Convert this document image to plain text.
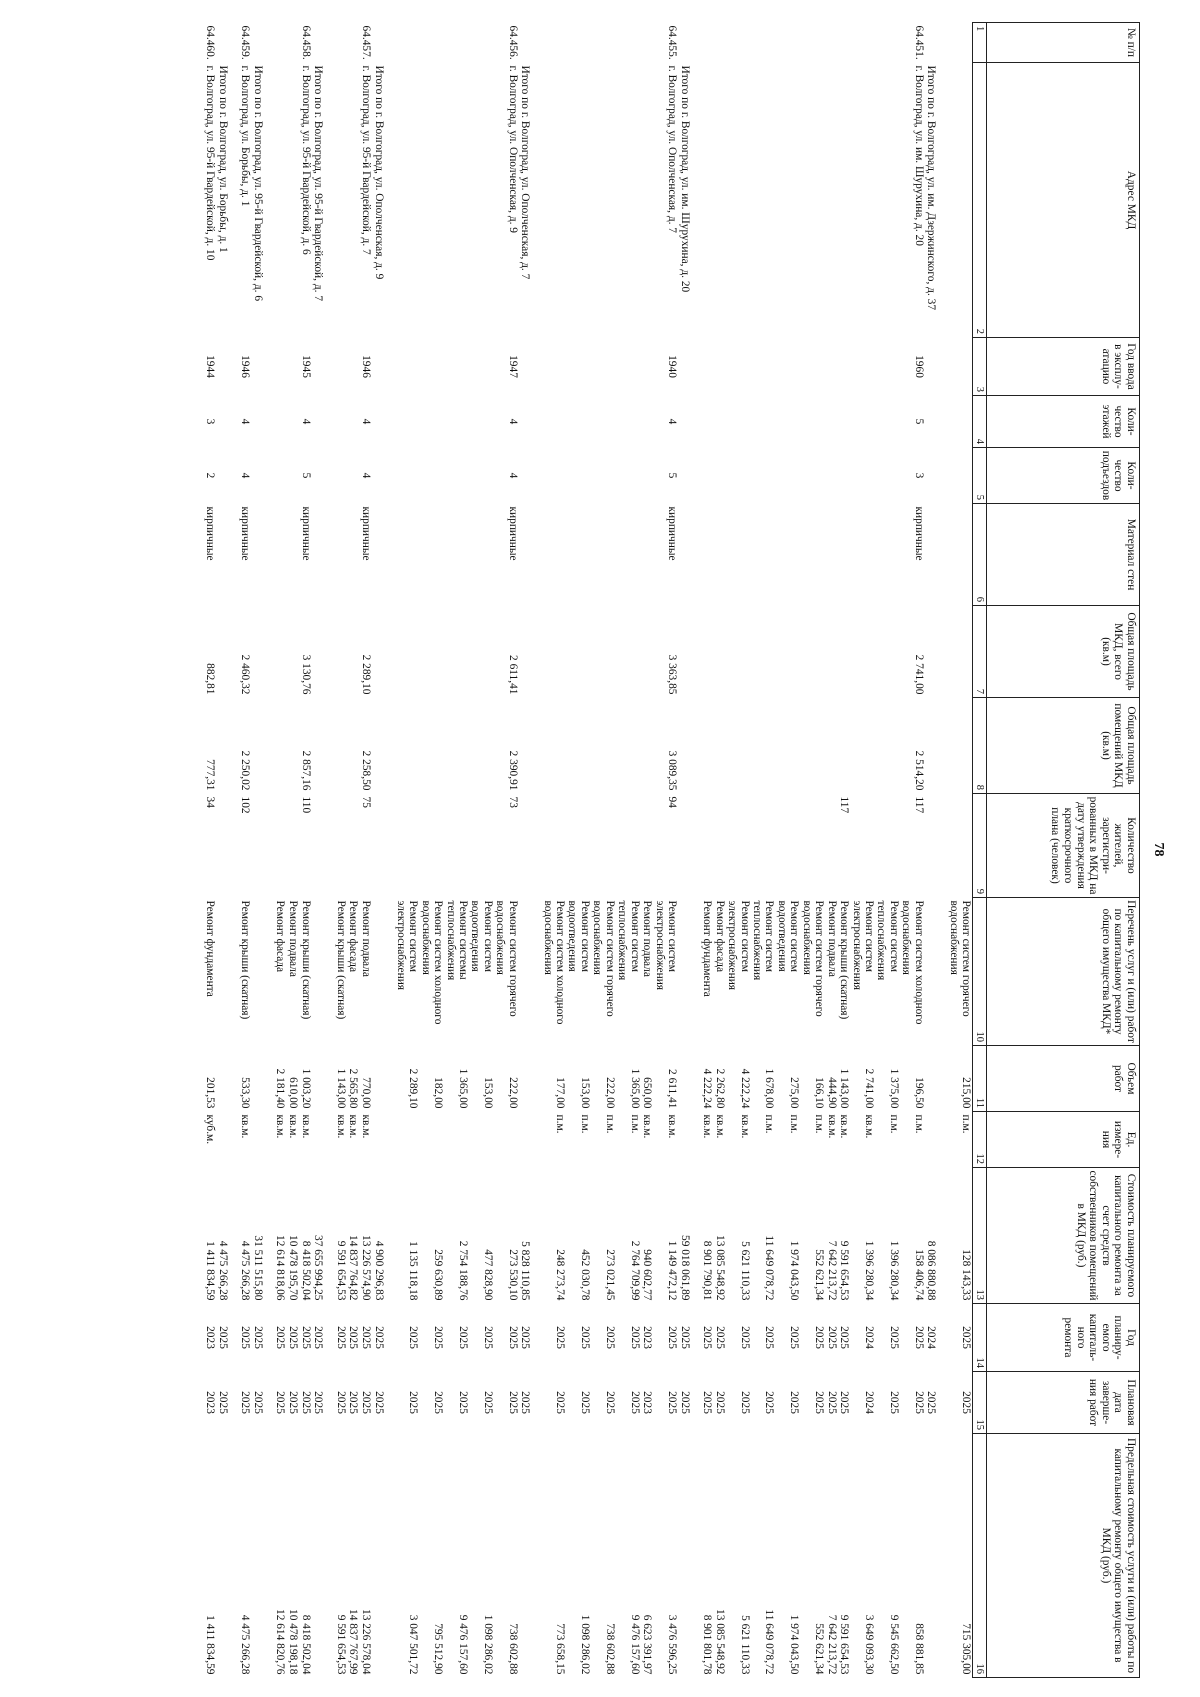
78
№ п/п	Адрес МКД	Год ввода в эксплу-атацию	Коли-чество этажей	Коли-чество подъездов	Материал стен	Общая площадь МКД, всего (кв.м)	Общая площадь помещений МКД (кв.м)	Количество жителей, зарегистри-рованных в МКД на дату утверждения краткосрочного плана (человек)	Перечень услуг и (или) работ по капитальному ремонту общего имущества МКД*	Объем работ	Ед. измере-ния	Стоимость планируемого капитального ремонта за счет средств собственников помещений в МКД (руб.)	Год планиру-емого капиталь-ного ремонта	Плановая дата заверше-ния работ	Предельная стоимость услуги и (или) работы по капитальному ремонту общего имущества в МКД (руб.)
1	2	3	4	5	6	7	8	9	10	11	12	13	14	15	16
									Ремонт систем горячего водоснабжения	215,00	п.м.	128 143,33	2025	2025	715 305,00
	Итого по г. Волгоград, ул. им. Дзержинского, д. 37											8 086 880,88	2024	2025	
64.451.	г. Волгоград, ул. им. Шурухина, д. 20	1960	5	3	кирпичные	2 741,00	2 514,20	117	Ремонт систем холодного водоснабжения	196,50	п.м.	158 406,74	2025	2025	858 881,85
									Ремонт систем теплоснабжения	1 375,00	п.м.	1 396 280,34	2025	2025	9 545 662,50
									Ремонт систем электроснабжения	2 741,00	кв.м.	1 396 280,34	2024	2024	3 649 093,30
								117	Ремонт крыши (скатная)	1 143,00	кв.м.	9 591 654,53	2025	2025	9 591 654,53
									Ремонт подвала	444,90	кв.м.	7 642 213,72	2025	2025	7 642 213,72
									Ремонт систем горячего водоснабжения	166,10	п.м.	552 621,34	2025	2025	552 621,34
									Ремонт систем водоотведения	275,00	п.м.	1 974 043,50	2025	2025	1 974 043,50
									Ремонт систем теплоснабжения	1 678,00	п.м.	11 649 078,72	2025	2025	11 649 078,72
									Ремонт систем электроснабжения	4 222,24	кв.м.	5 621 110,33	2025	2025	5 621 110,33
									Ремонт фасада	2 262,80	кв.м.	13 085 548,92	2025	2025	13 085 548,92
									Ремонт фундамента	4 222,24	кв.м.	8 901 790,81	2025	2025	8 901 801,78
	Итого по г. Волгоград, ул. им. Шурухина, д. 20											59 018 061,89	2025	2025	
64.455.	г. Волгоград, ул. Ополченская, д. 7	1940	4	5	кирпичные	3 363,85	3 089,35	94	Ремонт систем электроснабжения	2 611,41	кв.м.	1 149 472,12	2025	2025	3 476 596,25
									Ремонт подвала	650,00	кв.м.	940 602,77	2023	2023	6 623 391,97
									Ремонт систем теплоснабжения	1 365,00	п.м.	2 764 709,99	2025	2025	9 476 157,60
									Ремонт систем горячего водоснабжения	222,00	п.м.	273 021,45	2025	2025	738 602,88
									Ремонт систем водоотведения	153,00	п.м.	452 030,78	2025	2025	1 098 286,02
									Ремонт систем холодного водоснабжения	177,00	п.м.	248 273,74	2025	2025	773 658,15
	Итого по г. Волгоград, ул. Ополченская, д. 7											5 828 110,85	2025	2025	
64.456.	г. Волгоград, ул. Ополченская, д. 9	1947	4	4	кирпичные	2 611,41	2 390,91	73	Ремонт систем горячего водоснабжения	222,00		273 530,10	2025	2025	738 602,88
									Ремонт систем водоотведения	153,00		477 828,90	2025	2025	1 098 286,02
									Ремонт системы теплоснабжения	1 365,00		2 754 188,76	2025	2025	9 476 157,60
									Ремонт систем холодного водоснабжения	182,00		259 630,89	2025	2025	795 512,90
									Ремонт систем электроснабжения	2 289,10		1 135 118,18	2025	2025	3 047 501,72
	Итого по г. Волгоград, ул. Ополченская, д. 9											4 900 296,83	2025	2025	
64.457.	г. Волгоград, ул. 95-й Гвардейской, д. 7	1946	4	4	кирпичные	2 289,10	2 258,50	75	Ремонт подвала	770,00	кв.м.	13 226 574,90	2025	2025	13 226 578,04
									Ремонт фасада	2 565,80	кв.м.	14 837 764,82	2025	2025	14 837 767,99
									Ремонт крыши (скатная)	1 143,00	кв.м.	9 591 654,53	2025	2025	9 591 654,53
	Итого по г. Волгоград, ул. 95-й Гвардейской, д. 7											37 655 994,25	2025	2025	
64.458.	г. Волгоград, ул. 95-й Гвардейской, д. 6	1945	4	5	кирпичные	3 130,76	2 857,16	110	Ремонт крыши (скатная)	1 003,20	кв.м.	8 418 502,04	2025	2025	8 418 502,04
									Ремонт подвала	610,00	кв.м.	10 478 195,70	2025	2025	10 478 198,18
									Ремонт фасада	2 181,40	кв.м.	12 614 818,06	2025	2025	12 614 820,76
	Итого по г. Волгоград, ул. 95-й Гвардейской, д. 6											31 511 515,80	2025	2025	
64.459.	г. Волгоград, ул. Борьбы, д. 1	1946	4	4	кирпичные	2 460,32	2 250,02	102	Ремонт крыши (скатная)	533,30	кв.м.	4 475 266,28	2025	2025	4 475 266,28
	Итого по г. Волгоград, ул. Борьбы, д. 1											4 475 266,28	2025	2025	
64.460.	г. Волгоград, ул. 95-й Гвардейской, д. 10	1944	3	2	кирпичные	882,81	777,31	34	Ремонт фундамента	201,53	куб.м.	1 411 834,59	2023	2023	1 411 834,59
